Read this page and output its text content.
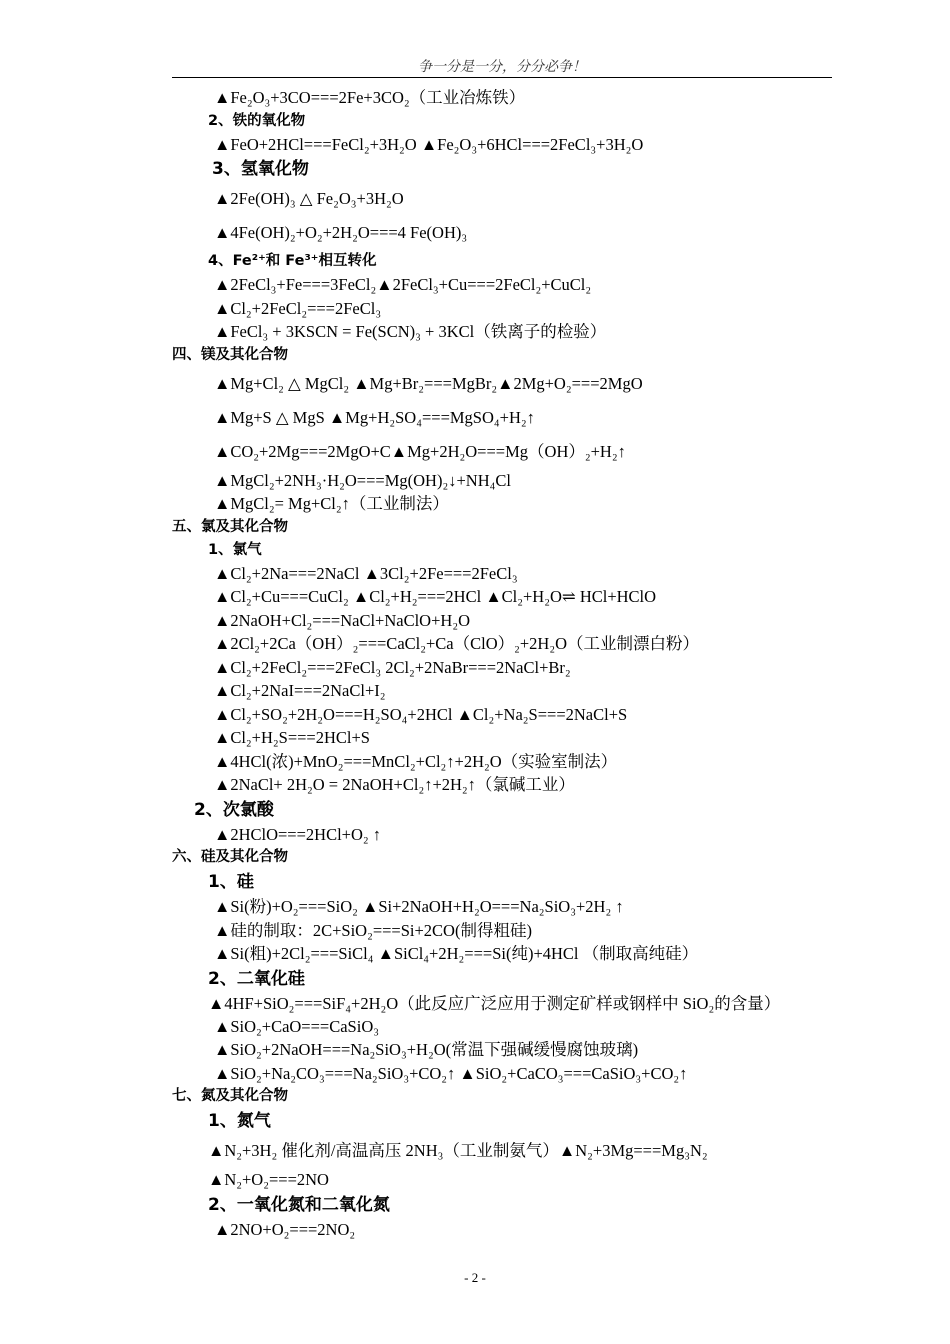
争一分是一分，分分必争！
▲Fe₂O₃+3CO===2Fe+3CO₂（工业冶炼铁）
2、铁的氧化物
▲FeO+2HCl===FeCl₂+3H₂O ▲Fe₂O₃+6HCl===2FeCl₃+3H₂O
3、氢氧化物
▲2Fe(OH)₃ △ Fe₂O₃+3H₂O
▲4Fe(OH)₂+O₂+2H₂O===4 Fe(OH)₃
4、Fe²⁺和 Fe³⁺相互转化
▲2FeCl₃+Fe===3FeCl₂▲2FeCl₃+Cu===2FeCl₂+CuCl₂
▲Cl₂+2FeCl₂===2FeCl₃
▲FeCl₃ + 3KSCN = Fe(SCN)₃ + 3KCl（铁离子的检验）
四、镁及其化合物
▲Mg+Cl₂ △ MgCl₂ ▲Mg+Br₂===MgBr₂▲2Mg+O₂===2MgO
▲Mg+S △ MgS ▲Mg+H₂SO₄===MgSO₄+H₂↑
▲CO₂+2Mg===2MgO+C▲Mg+2H₂O===Mg（OH）₂+H₂↑
▲MgCl₂+2NH₃·H₂O===Mg(OH)₂↓+NH₄Cl
▲MgCl₂= Mg+Cl₂↑（工业制法）
五、氯及其化合物
1、氯气
▲Cl₂+2Na===2NaCl ▲3Cl₂+2Fe===2FeCl₃
▲Cl₂+Cu===CuCl₂ ▲Cl₂+H₂===2HCl ▲Cl₂+H₂O⇌ HCl+HClO
▲2NaOH+Cl₂===NaCl+NaClO+H₂O
▲2Cl₂+2Ca（OH）₂===CaCl₂+Ca（ClO）₂+2H₂O（工业制漂白粉）
▲Cl₂+2FeCl₂===2FeCl₃ 2Cl₂+2NaBr===2NaCl+Br₂
▲Cl₂+2NaI===2NaCl+I₂
▲Cl₂+SO₂+2H₂O===H₂SO₄+2HCl ▲Cl₂+Na₂S===2NaCl+S
▲Cl₂+H₂S===2HCl+S
▲4HCl(浓)+MnO₂===MnCl₂+Cl₂↑+2H₂O（实验室制法）
▲2NaCl+ 2H₂O = 2NaOH+Cl₂↑+2H₂↑（氯碱工业）
2、次氯酸
▲2HClO===2HCl+O₂ ↑
六、硅及其化合物
1、硅
▲Si(粉)+O₂===SiO₂ ▲Si+2NaOH+H₂O===Na₂SiO₃+2H₂ ↑
▲硅的制取：2C+SiO₂===Si+2CO(制得粗硅)
▲Si(粗)+2Cl₂===SiCl₄ ▲SiCl₄+2H₂===Si(纯)+4HCl （制取高纯硅）
2、二氧化硅
▲4HF+SiO₂===SiF₄+2H₂O（此反应广泛应用于测定矿样或钢样中 SiO₂的含量）
▲SiO₂+CaO===CaSiO₃
▲SiO₂+2NaOH===Na₂SiO₃+H₂O(常温下强碱缓慢腐蚀玻璃)
▲SiO₂+Na₂CO₃===Na₂SiO₃+CO₂↑ ▲SiO₂+CaCO₃===CaSiO₃+CO₂↑
七、氮及其化合物
1、氮气
▲N₂+3H₂ 催化剂/高温高压 2NH₃（工业制氨气）▲N₂+3Mg===Mg₃N₂
▲N₂+O₂===2NO
2、一氧化氮和二氧化氮
▲2NO+O₂===2NO₂
- 2 -
